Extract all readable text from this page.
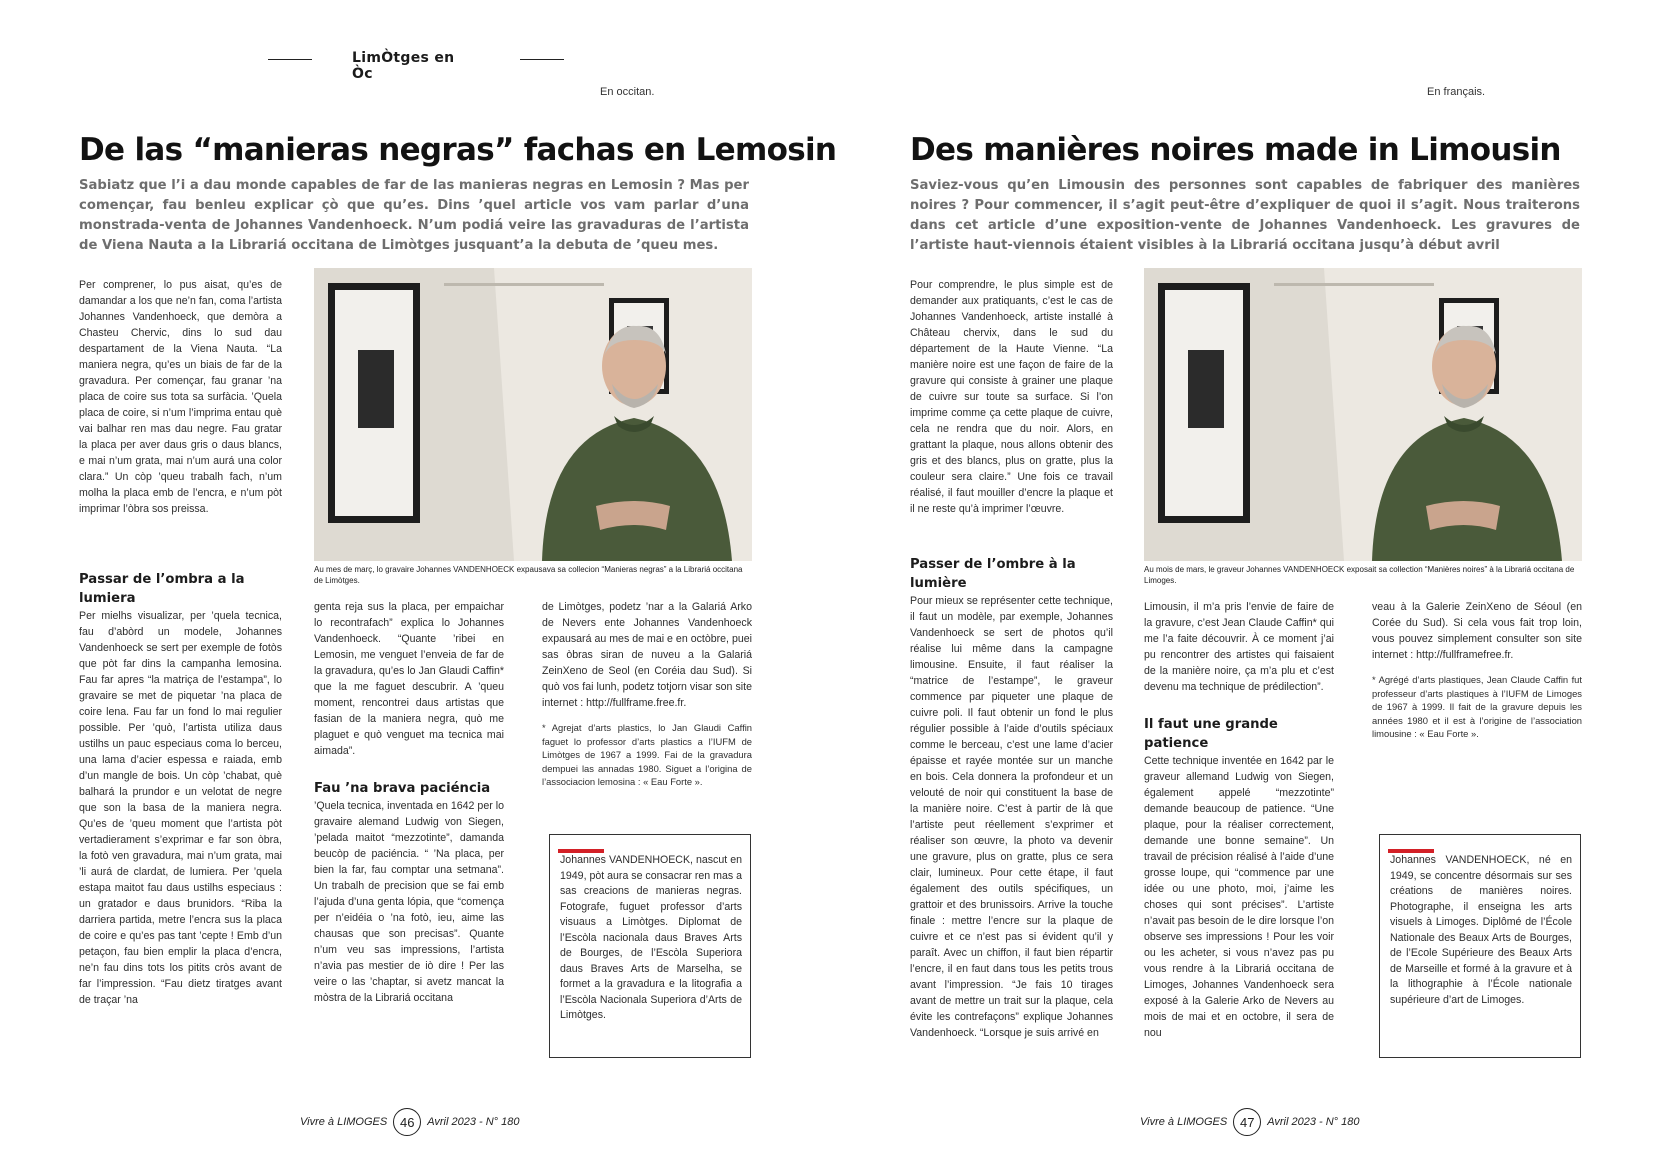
LimÒtges en Òc
En occitan.
De las “manieras negras” fachas en Lemosin

Sabiatz que l’i a dau monde capables de far de las manieras negras en Lemosin ? Mas per començar, fau benleu explicar çò que qu’es. Dins ’quel article vos vam parlar d’una monstrada-venta de Johannes Vandenhoeck. N’um podiá veire las gravaduras de l’artista de Viena Nauta a la Librariá occitana de Limòtges jusquant’a la debuta de ’queu mes.

Per comprener, lo pus aisat, qu’es de damandar a los que ne’n fan, coma l’artista Johannes Vandenhoeck, que demòra a Chasteu Chervic, dins lo sud dau despartament de la Viena Nauta. “La maniera negra, qu’es un biais de far de la gravadura. Per començar, fau granar ’na placa de coire sus tota sa surfàcia. ’Quela placa de coire, si n’um l’imprima entau què vai balhar ren mas dau negre. Fau gratar la placa per aver daus gris o daus blancs, e mai n’um grata, mai n’um aurá una color clara.” Un còp ’queu trabalh fach, n’um molha la placa emb de l’encra, e n’um pòt imprimar l’òbra sos preissa.

Au mes de març, lo gravaire Johannes VANDENHOECK expausava sa collecion “Manieras negras” a la Librariá occitana de Limòtges.
Passar de l’ombra a la lumiera

Per mielhs visualizar, per ’quela tecnica, fau d’abòrd un modele, Johannes Vandenhoeck se sert per exemple de fotòs que pòt far dins la campanha lemosina. Fau far apres “la matriça de l’estampa”, lo gravaire se met de piquetar ’na placa de coire lena. Fau far un fond lo mai regulier possible. Per ’quò, l’artista utiliza daus ustilhs un pauc especiaus coma lo berceu, una lama d’acier espessa e raiada, emb d’un mangle de bois. Un còp ’chabat, què balhará la prundor e un velotat de negre que son la basa de la maniera negra. Qu’es de ’queu moment que l’artista pòt vertadierament s’exprimar e far son òbra, la fotò ven gravadura, mai n’um grata, mai ’li aurá de clardat, de lumiera. Per ’quela estapa maitot fau daus ustilhs especiaus : un gratador e daus brunidors. “Riba la darriera partida, metre l’encra sus la placa de coire e qu’es pas tant ’cepte ! Emb d’un petaçon, fau bien emplir la placa d’encra, ne’n fau dins tots los pitits cròs avant de far l’impression. “Fau dietz tiratges avant de traçar ’na

genta reja sus la placa, per empaichar lo recontrafach” explica lo Johannes Vandenhoeck. “Quante ’ribei en Lemosin, me venguet l’enveia de far de la gravadura, qu’es lo Jan Glaudi Caffin* que la me faguet descubrir. A ’queu moment, rencontrei daus artistas que fasian de la maniera negra, quò me plaguet e quò venguet ma tecnica mai aimada”.

Fau ’na brava paciéncia

’Quela tecnica, inventada en 1642 per lo gravaire alemand Ludwig von Siegen, ’pelada maitot “mezzotinte”, damanda beucòp de paciéncia. “ ’Na placa, per bien la far, fau comptar una setmana”. Un trabalh de precision que se fai emb l’ajuda d’una genta lópia, que “comença per n’eidéia o ’na fotò, ieu, aime las chausas que son precisas”. Quante n’um veu sas impressions, l’artista n’avia pas mestier de iò dire ! Per las veire o las ’chaptar, si avetz mancat la mòstra de la Librariá occitana

de Limòtges, podetz ’nar a la Galariá Arko de Nevers ente Johannes Vandenhoeck expausará au mes de mai e en octòbre, puei sas òbras siran de nuveu a la Galariá ZeinXeno de Seol (en Coréia dau Sud). Si quò vos fai lunh, podetz totjorn visar son site internet : http://fullframe.free.fr.

* Agrejat d’arts plastics, lo Jan Glaudi Caffin faguet lo professor d’arts plastics a l’IUFM de Limòtges de 1967 a 1999. Fai de la gravadura dempuei las annadas 1980. Siguet a l’origina de l’associacion lemosina : « Eau Forte ».

Johannes VANDENHOECK, nascut en 1949, pòt aura se consacrar ren mas a sas creacions de manieras negras. Fotografe, fuguet professor d’arts visuaus a Limòtges. Diplomat de l’Escòla nacionala daus Braves Arts de Bourges, de l’Escòla Superiora daus Braves Arts de Marselha, se formet a la gravadura e la litografia a l’Escòla Nacionala Superiora d’Arts de Limòtges.
Vivre à LIMOGES 46	Avril 2023 - N° 180
En français.
Des manières noires made in Limousin

Saviez-vous qu’en Limousin des personnes sont capables de fabriquer des manières noires ? Pour commencer, il s’agit peut-être d’expliquer de quoi il s’agit. Nous traiterons dans cet article d’une exposition-vente de Johannes Vandenhoeck. Les gravures de l’artiste haut-viennois étaient visibles à la Librariá occitana jusqu’à début avril

Pour comprendre, le plus simple est de demander aux pratiquants, c’est le cas de Johannes Vandenhoeck, artiste installé à Château chervix, dans le sud du département de la Haute Vienne. “La manière noire est une façon de faire de la gravure qui consiste à grainer une plaque de cuivre sur toute sa surface. Si l’on imprime comme ça cette plaque de cuivre, cela ne rendra que du noir. Alors, en grattant la plaque, nous allons obtenir des gris et des blancs, plus on gratte, plus la couleur sera claire.” Une fois ce travail réalisé, il faut mouiller d’encre la plaque et il ne reste qu’à imprimer l’œuvre.

Au mois de mars, le graveur Johannes VANDENHOECK exposait sa collection “Manières noires” à la Librariá occitana de Limoges.
Passer de l’ombre à la lumière

Pour mieux se représenter cette technique, il faut un modèle, par exemple, Johannes Vandenhoeck se sert de photos qu’il réalise lui même dans la campagne limousine. Ensuite, il faut réaliser la “matrice de l’estampe”, le graveur commence par piqueter une plaque de cuivre poli. Il faut obtenir un fond le plus régulier possible à l’aide d’outils spéciaux comme le berceau, c’est une lame d’acier épaisse et rayée montée sur un manche en bois. Cela donnera la profondeur et un velouté de noir qui constituent la base de la manière noire. C’est à partir de là que l’artiste peut réellement s’exprimer et réaliser son œuvre, la photo va devenir une gravure, plus on gratte, plus ce sera clair, lumineux. Pour cette étape, il faut également des outils spécifiques, un grattoir et des brunissoirs. Arrive la touche finale : mettre l’encre sur la plaque de cuivre et ce n’est pas si évident qu’il y paraît. Avec un chiffon, il faut bien répartir l’encre, il en faut dans tous les petits trous avant l’impression. “Je fais 10 tirages avant de mettre un trait sur la plaque, cela évite les contrefaçons” explique Johannes Vandenhoeck. “Lorsque je suis arrivé en

Limousin, il m’a pris l’envie de faire de la gravure, c’est Jean Claude Caffin* qui me l’a faite découvrir. À ce moment j’ai pu rencontrer des artistes qui faisaient de la manière noire, ça m’a plu et c’est devenu ma technique de prédilection”.

Il faut une grande patience

Cette technique inventée en 1642 par le graveur allemand Ludwig von Siegen, également appelé “mezzotinte” demande beaucoup de patience. “Une plaque, pour la réaliser correctement, demande une bonne semaine”. Un travail de précision réalisé à l’aide d’une grosse loupe, qui “commence par une idée ou une photo, moi, j’aime les choses qui sont précises”. L’artiste n’avait pas besoin de le dire lorsque l’on observe ses impressions ! Pour les voir ou les acheter, si vous n’avez pas pu vous rendre à la Librariá occitana de Limoges, Johannes Vandenhoeck sera exposé à la Galerie Arko de Nevers au mois de mai et en octobre, il sera de nou

veau à la Galerie ZeinXeno de Séoul (en Corée du Sud). Si cela vous fait trop loin, vous pouvez simplement consulter son site internet : http://fullframefree.fr.

* Agrégé d’arts plastiques, Jean Claude Caffin fut professeur d’arts plastiques à l’IUFM de Limoges de 1967 à 1999. Il fait de la gravure depuis les années 1980 et il est à l’origine de l’association limousine : « Eau Forte ».

Johannes VANDENHOECK, né en 1949, se concentre désormais sur ses créations de manières noires. Photographe, il enseigna les arts visuels à Limoges. Diplômé de l’École Nationale des Beaux Arts de Bourges, de l’Ecole Supérieure des Beaux Arts de Marseille et formé à la gravure et à la lithographie à l’École nationale supérieure d’art de Limoges.
Vivre à LIMOGES 47	Avril 2023 - N° 180
